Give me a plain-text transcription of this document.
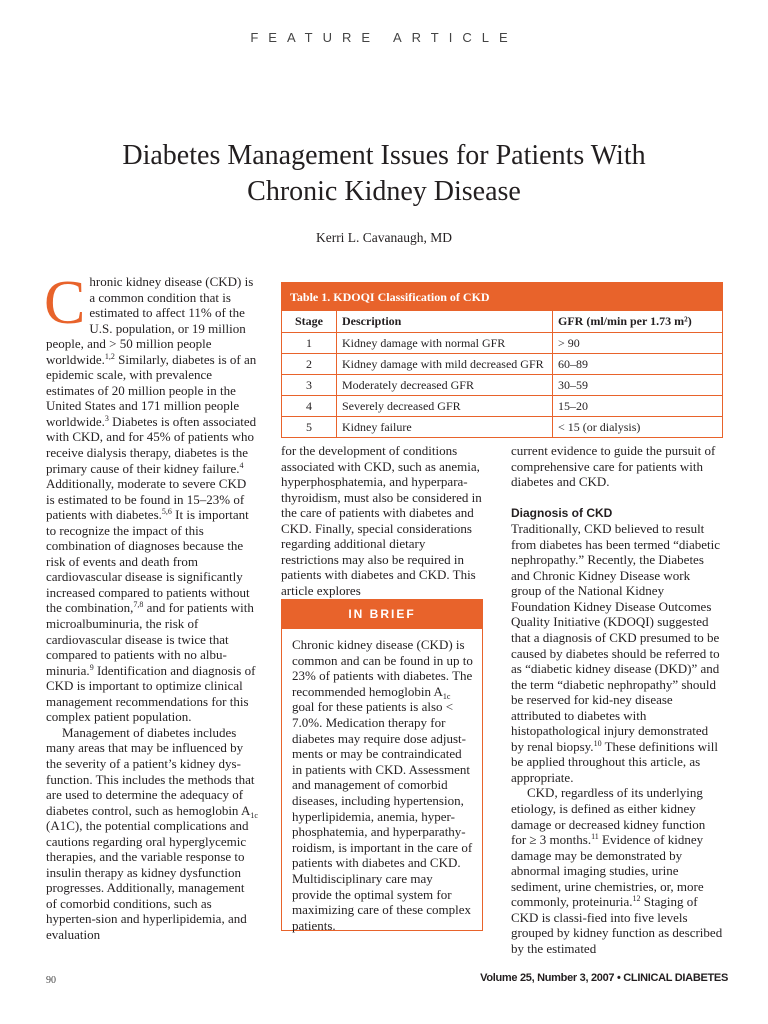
FEATURE ARTICLE

Diabetes Management Issues for Patients With
Chronic Kidney Disease

Kerri L. Cavanaugh, MD

Chronic kidney disease (CKD) is a common condition that is estimated to affect 11% of the U.S. population, or 19 million people, and > 50 million people worldwide.$^{1,2}$ Similarly, diabetes is of an epidemic scale, with prevalence estimates of 20 million people in the United States and 171 million people worldwide.$^3$ Diabetes is often associated with CKD, and for 45% of patients who receive dialysis therapy, diabetes is the primary cause of their kidney failure.$^4$ Additionally, moderate to severe CKD is estimated to be found in 15–23% of patients with diabetes.$^{5,6}$ It is important to recognize the impact of this combination of diagnoses because the risk of events and death from cardiovascular disease is significantly increased compared to patients without the combination,$^{7,8}$ and for patients with microalbuminuria, the risk of cardiovascular disease is twice that compared to patients with no albu-minuria.$^9$ Identification and diagnosis of CKD is important to optimize clinical management recommendations for this complex patient population.

Management of diabetes includes many areas that may be influenced by the severity of a patient’s kidney dys-function. This includes the methods that are used to determine the adequacy of diabetes control, such as hemoglobin $A_{1c}$ (A1C), the potential complications and cautions regarding oral hyperglycemic therapies, and the variable response to insulin therapy as kidney dysfunction progresses. Additionally, management of comorbid conditions, such as hyperten-sion and hyperlipidemia, and evaluation

Table 1. KDOQI Classification of CKD
Stage	Description	GFR (ml/min per 1.73 m²)
1	Kidney damage with normal GFR	> 90
2	Kidney damage with mild decreased GFR	60–89
3	Moderately decreased GFR	30–59
4	Severely decreased GFR	15–20
5	Kidney failure	< 15 (or dialysis)

for the development of conditions associated with CKD, such as anemia, hyperphosphatemia, and hyperpara-thyroidism, must also be considered in the care of patients with diabetes and CKD. Finally, special considerations regarding additional dietary restrictions may also be required in patients with diabetes and CKD. This article explores

IN BRIEF
Chronic kidney disease (CKD) is common and can be found in up to 23% of patients with diabetes. The recommended hemoglobin $A_{1c}$ goal for these patients is also < 7.0%. Medication therapy for diabetes may require dose adjust-ments or may be contraindicated in patients with CKD. Assessment and management of comorbid diseases, including hypertension, hyperlipidemia, anemia, hyper-phosphatemia, and hyperparathy-roidism, is important in the care of patients with diabetes and CKD. Multidisciplinary care may provide the optimal system for maximizing care of these complex patients.

current evidence to guide the pursuit of comprehensive care for patients with diabetes and CKD.

Diagnosis of CKD

Traditionally, CKD believed to result from diabetes has been termed “diabetic nephropathy.” Recently, the Diabetes and Chronic Kidney Disease work group of the National Kidney Foundation Kidney Disease Outcomes Quality Initiative (KDOQI) suggested that a diagnosis of CKD presumed to be caused by diabetes should be referred to as “diabetic kidney disease (DKD)” and the term “diabetic nephropathy” should be reserved for kid-ney disease attributed to diabetes with histopathological injury demonstrated by renal biopsy.$^{10}$ These definitions will be applied throughout this article, as appropriate.

CKD, regardless of its underlying etiology, is defined as either kidney damage or decreased kidney function for ≥ 3 months.$^{11}$ Evidence of kidney damage may be demonstrated by abnormal imaging studies, urine sediment, urine chemistries, or, more commonly, proteinuria.$^{12}$ Staging of CKD is classi-fied into five levels grouped by kidney function as described by the estimated

90	Volume 25, Number 3, 2007 • CLINICAL DIABETES
